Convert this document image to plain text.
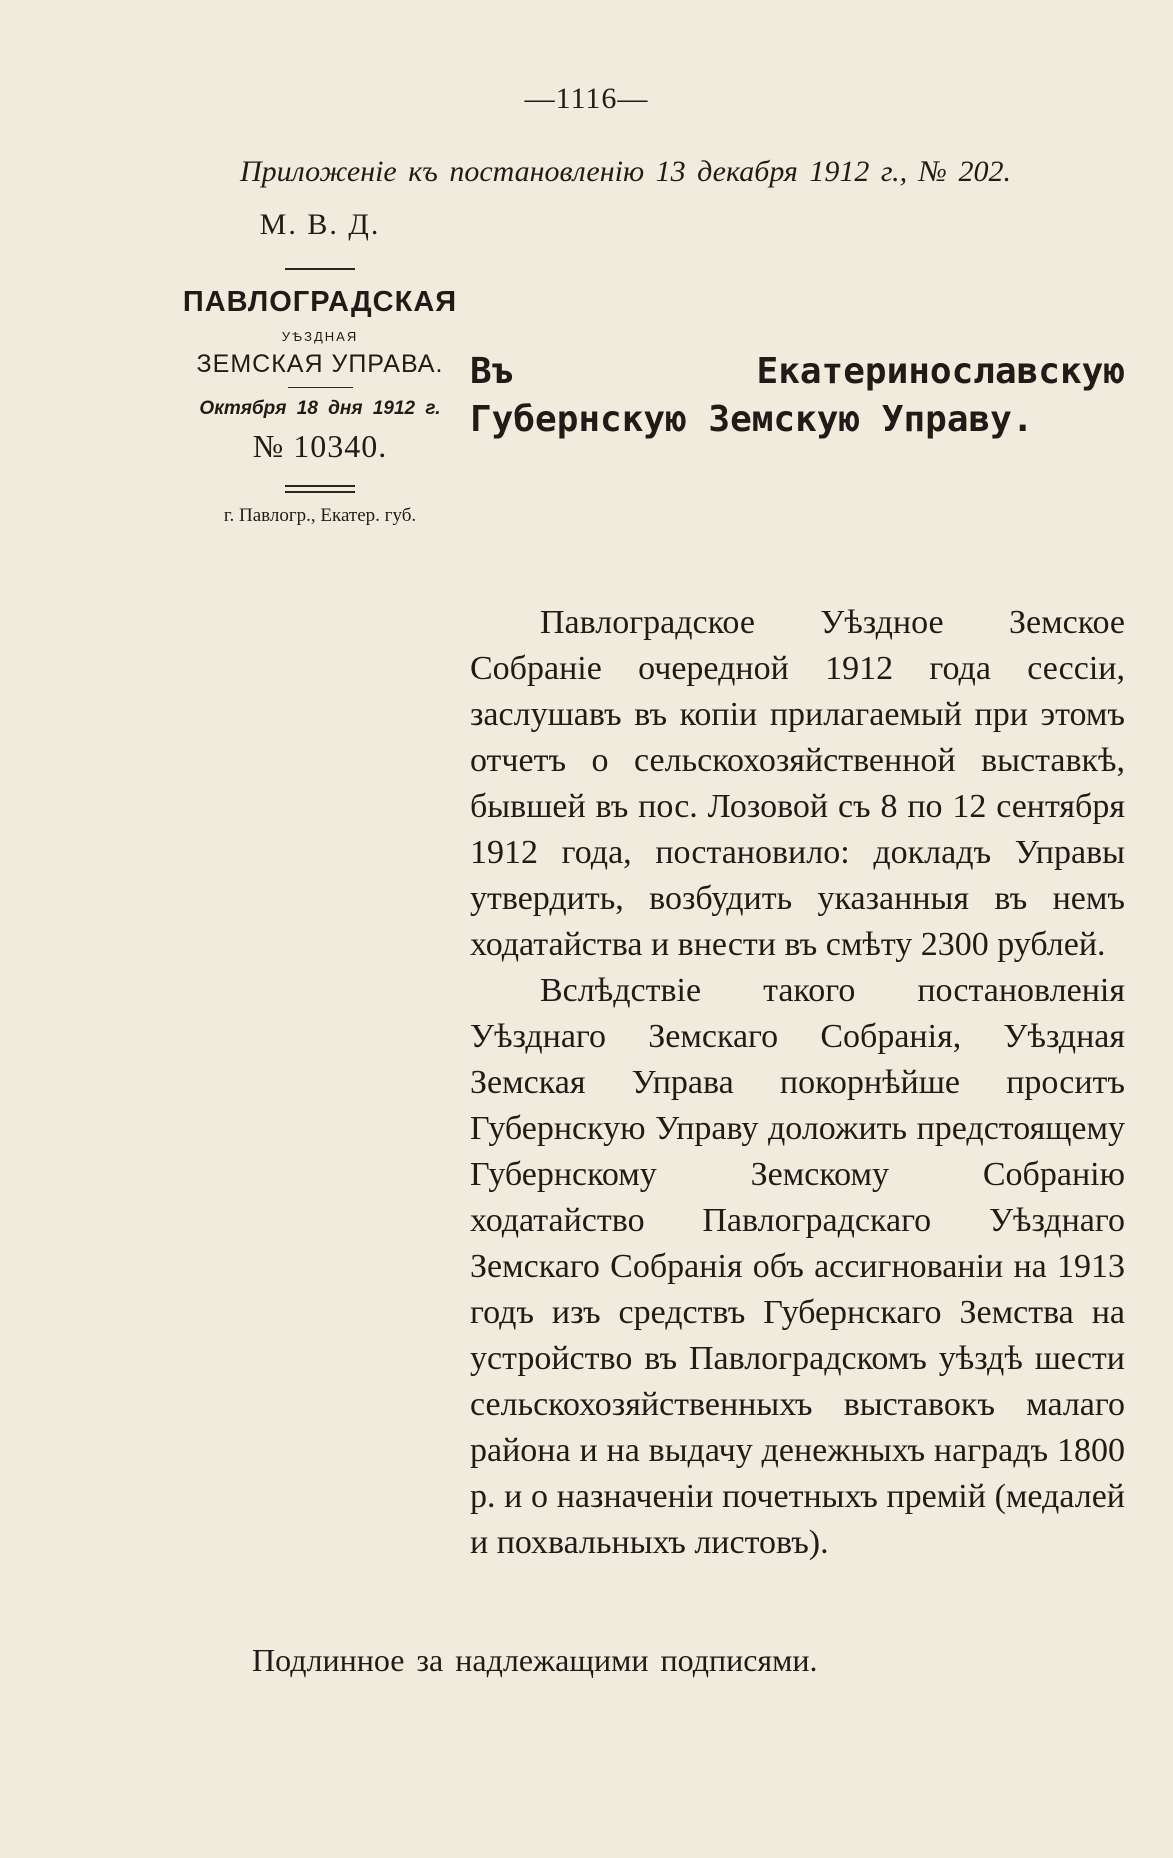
—1116—
Приложеніе къ постановленію 13 декабря 1912 г., № 202.
М. В. Д.
ПАВЛОГРАДСКАЯ
УѢЗДНАЯ
ЗЕМСКАЯ УПРАВА.
Октября 18 дня 1912 г.
№ 10340.
г. Павлогр., Екатер. губ.
Въ Екатеринославскую Губернскую Земскую Управу.

Павлоградское Уѣздное Земское Собраніе очередной 1912 года сессіи, заслушавъ въ копіи прилагаемый при этомъ отчетъ о сельскохозяйственной выставкѣ, бывшей въ пос. Лозовой съ 8 по 12 сентября 1912 года, постановило: докладъ Управы утвердить, возбудить указанныя въ немъ ходатайства и внести въ смѣту 2300 рублей.

Вслѣдствіе такого постановленія Уѣзднаго Земскаго Собранія, Уѣздная Земская Управа покорнѣйше проситъ Губернскую Управу доложить предстоящему Губернскому Земскому Собранію ходатайство Павлоградскаго Уѣзднаго Земскаго Собранія объ ассигнованіи на 1913 годъ изъ средствъ Губернскаго Земства на устройство въ Павлоградскомъ уѣздѣ шести сельскохозяйственныхъ выставокъ малаго района и на выдачу денежныхъ наградъ 1800 р. и о назначеніи почетныхъ премій (медалей и похвальныхъ листовъ).

Подлинное за надлежащими подписями.
